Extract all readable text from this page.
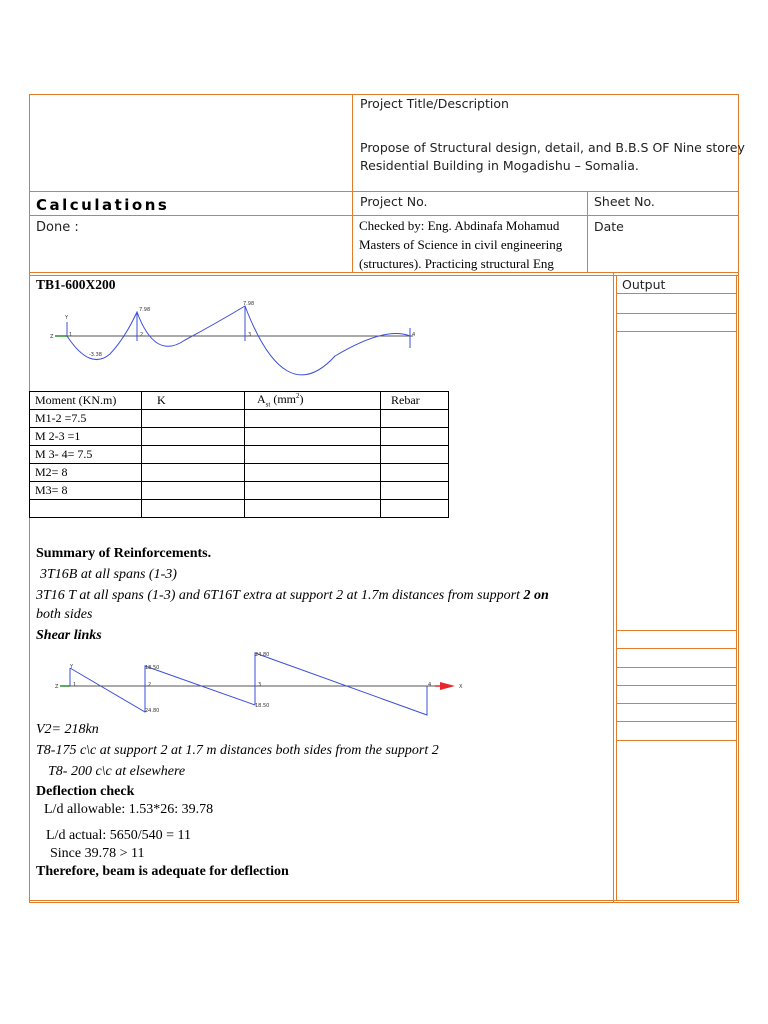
Project Title/Description
Propose of Structural design, detail, and B.B.S OF Nine storey
Residential Building in Mogadishu – Somalia.
Calculations	Project No.	Sheet No.
Done :	Checked by: Eng. Abdinafa Mohamud
Masters of Science in civil engineering
(structures). Practicing structural Eng
Date
Output
TB1-600X200
7.98
7.98
-3.38
1	2	3	4
Y
Z
Moment (KN.m)	K	$A_{st}$ $(mm^2)$	Rebar
M1-2 =7.5			
M 2-3 =1			
M 3- 4= 7.5			
M2= 8			
M3= 8			

Summary of Reinforcements.
3T16B at all spans (1-3)
3T16 T at all spans (1-3) and 6T16T extra at support 2 at 1.7m distances from support 2 on
both sides
Shear links
18.50
24.80
24.80
18.50
1	2	3	4
Y
Z	X
V2= 218kn
T8-175 c\c at support 2 at 1.7 m distances both sides from the support 2
T8- 200 c\c at elsewhere
Deflection check
L/d allowable: 1.53*26: 39.78
L/d actual: 5650/540 = 11
Since 39.78 > 11
Therefore, beam is adequate for deflection
